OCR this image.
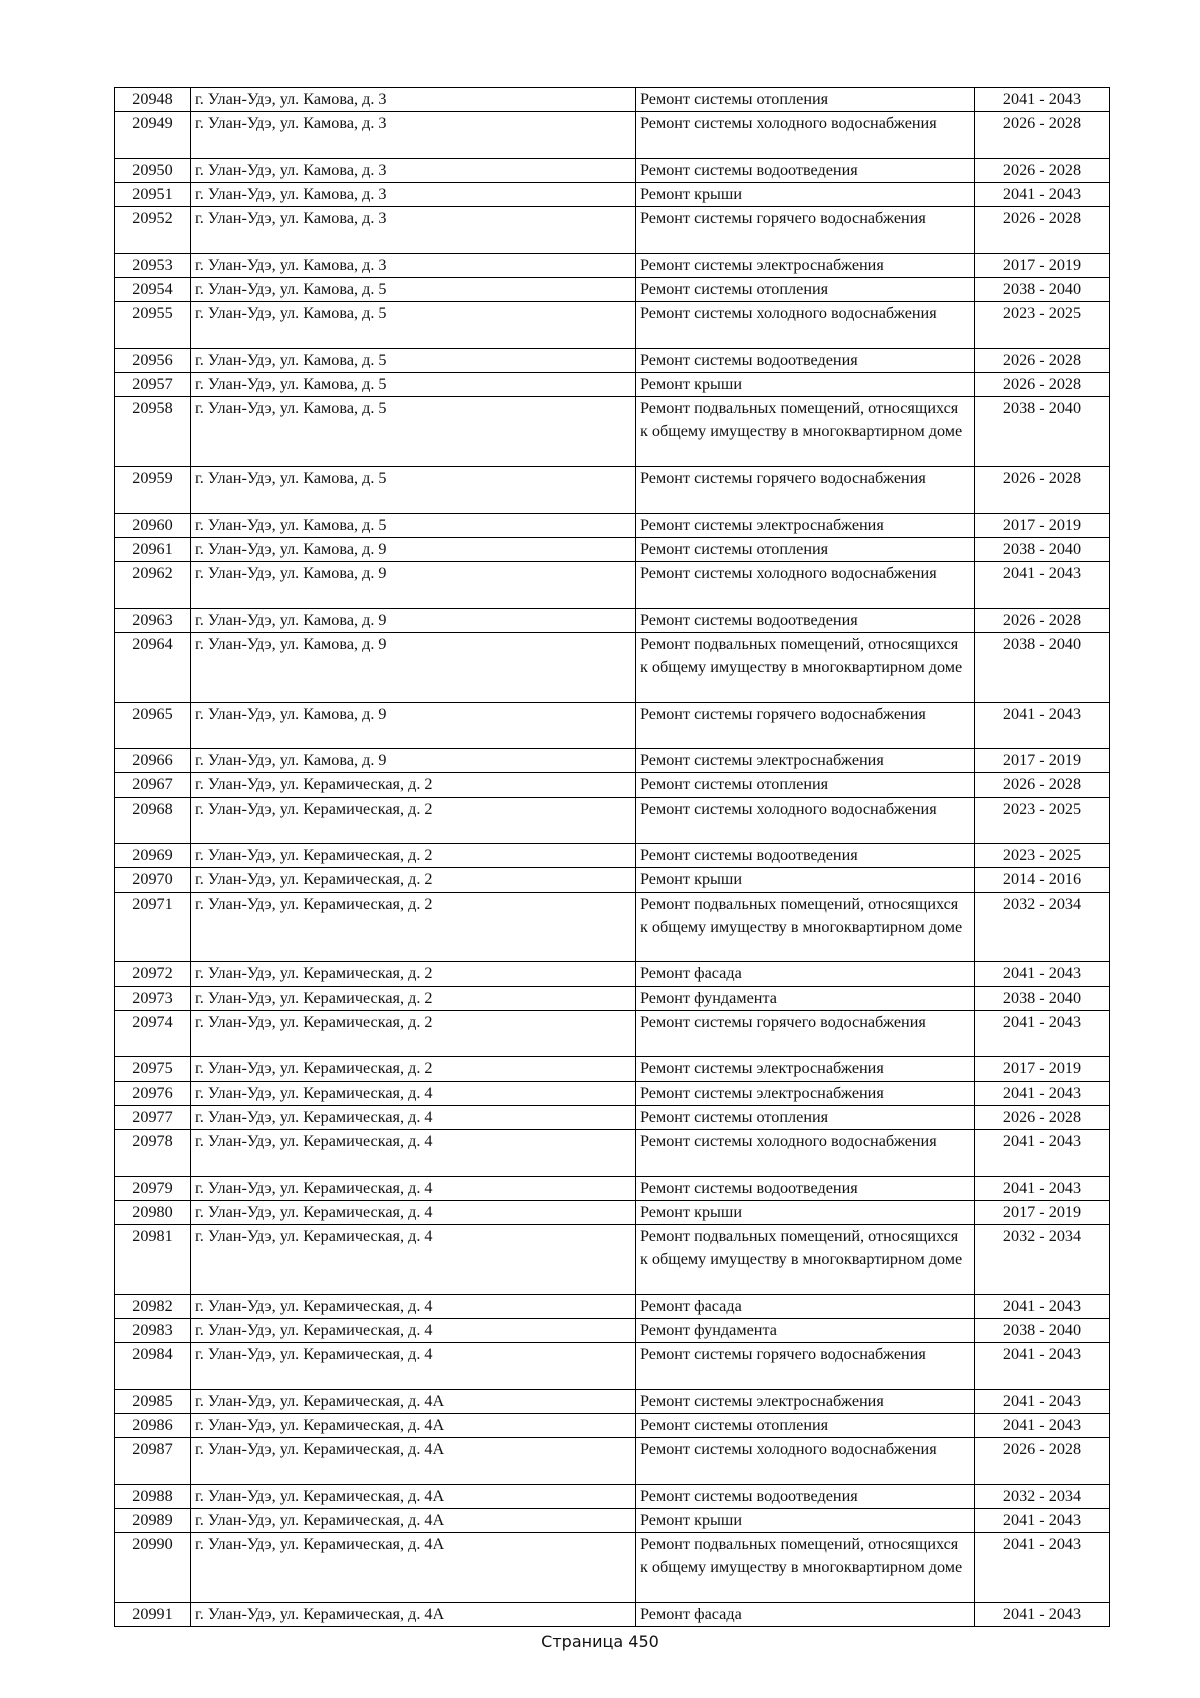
20948	г. Улан-Удэ, ул. Камова, д. 3	Ремонт системы отопления	2041 - 2043
20949	г. Улан-Удэ, ул. Камова, д. 3	Ремонт системы холодного водоснабжения	2026 - 2028
20950	г. Улан-Удэ, ул. Камова, д. 3	Ремонт системы водоотведения	2026 - 2028
20951	г. Улан-Удэ, ул. Камова, д. 3	Ремонт крыши	2041 - 2043
20952	г. Улан-Удэ, ул. Камова, д. 3	Ремонт системы горячего водоснабжения	2026 - 2028
20953	г. Улан-Удэ, ул. Камова, д. 3	Ремонт системы электроснабжения	2017 - 2019
20954	г. Улан-Удэ, ул. Камова, д. 5	Ремонт системы отопления	2038 - 2040
20955	г. Улан-Удэ, ул. Камова, д. 5	Ремонт системы холодного водоснабжения	2023 - 2025
20956	г. Улан-Удэ, ул. Камова, д. 5	Ремонт системы водоотведения	2026 - 2028
20957	г. Улан-Удэ, ул. Камова, д. 5	Ремонт крыши	2026 - 2028
20958	г. Улан-Удэ, ул. Камова, д. 5	Ремонт подвальных помещений, относящихся к общему имуществу в многоквартирном доме	2038 - 2040
20959	г. Улан-Удэ, ул. Камова, д. 5	Ремонт системы горячего водоснабжения	2026 - 2028
20960	г. Улан-Удэ, ул. Камова, д. 5	Ремонт системы электроснабжения	2017 - 2019
20961	г. Улан-Удэ, ул. Камова, д. 9	Ремонт системы отопления	2038 - 2040
20962	г. Улан-Удэ, ул. Камова, д. 9	Ремонт системы холодного водоснабжения	2041 - 2043
20963	г. Улан-Удэ, ул. Камова, д. 9	Ремонт системы водоотведения	2026 - 2028
20964	г. Улан-Удэ, ул. Камова, д. 9	Ремонт подвальных помещений, относящихся к общему имуществу в многоквартирном доме	2038 - 2040
20965	г. Улан-Удэ, ул. Камова, д. 9	Ремонт системы горячего водоснабжения	2041 - 2043
20966	г. Улан-Удэ, ул. Камова, д. 9	Ремонт системы электроснабжения	2017 - 2019
20967	г. Улан-Удэ, ул. Керамическая, д. 2	Ремонт системы отопления	2026 - 2028
20968	г. Улан-Удэ, ул. Керамическая, д. 2	Ремонт системы холодного водоснабжения	2023 - 2025
20969	г. Улан-Удэ, ул. Керамическая, д. 2	Ремонт системы водоотведения	2023 - 2025
20970	г. Улан-Удэ, ул. Керамическая, д. 2	Ремонт крыши	2014 - 2016
20971	г. Улан-Удэ, ул. Керамическая, д. 2	Ремонт подвальных помещений, относящихся к общему имуществу в многоквартирном доме	2032 - 2034
20972	г. Улан-Удэ, ул. Керамическая, д. 2	Ремонт фасада	2041 - 2043
20973	г. Улан-Удэ, ул. Керамическая, д. 2	Ремонт фундамента	2038 - 2040
20974	г. Улан-Удэ, ул. Керамическая, д. 2	Ремонт системы горячего водоснабжения	2041 - 2043
20975	г. Улан-Удэ, ул. Керамическая, д. 2	Ремонт системы электроснабжения	2017 - 2019
20976	г. Улан-Удэ, ул. Керамическая, д. 4	Ремонт системы электроснабжения	2041 - 2043
20977	г. Улан-Удэ, ул. Керамическая, д. 4	Ремонт системы отопления	2026 - 2028
20978	г. Улан-Удэ, ул. Керамическая, д. 4	Ремонт системы холодного водоснабжения	2041 - 2043
20979	г. Улан-Удэ, ул. Керамическая, д. 4	Ремонт системы водоотведения	2041 - 2043
20980	г. Улан-Удэ, ул. Керамическая, д. 4	Ремонт крыши	2017 - 2019
20981	г. Улан-Удэ, ул. Керамическая, д. 4	Ремонт подвальных помещений, относящихся к общему имуществу в многоквартирном доме	2032 - 2034
20982	г. Улан-Удэ, ул. Керамическая, д. 4	Ремонт фасада	2041 - 2043
20983	г. Улан-Удэ, ул. Керамическая, д. 4	Ремонт фундамента	2038 - 2040
20984	г. Улан-Удэ, ул. Керамическая, д. 4	Ремонт системы горячего водоснабжения	2041 - 2043
20985	г. Улан-Удэ, ул. Керамическая, д. 4А	Ремонт системы электроснабжения	2041 - 2043
20986	г. Улан-Удэ, ул. Керамическая, д. 4А	Ремонт системы отопления	2041 - 2043
20987	г. Улан-Удэ, ул. Керамическая, д. 4А	Ремонт системы холодного водоснабжения	2026 - 2028
20988	г. Улан-Удэ, ул. Керамическая, д. 4А	Ремонт системы водоотведения	2032 - 2034
20989	г. Улан-Удэ, ул. Керамическая, д. 4А	Ремонт крыши	2041 - 2043
20990	г. Улан-Удэ, ул. Керамическая, д. 4А	Ремонт подвальных помещений, относящихся к общему имуществу в многоквартирном доме	2041 - 2043
20991	г. Улан-Удэ, ул. Керамическая, д. 4А	Ремонт фасада	2041 - 2043
Страница 450
